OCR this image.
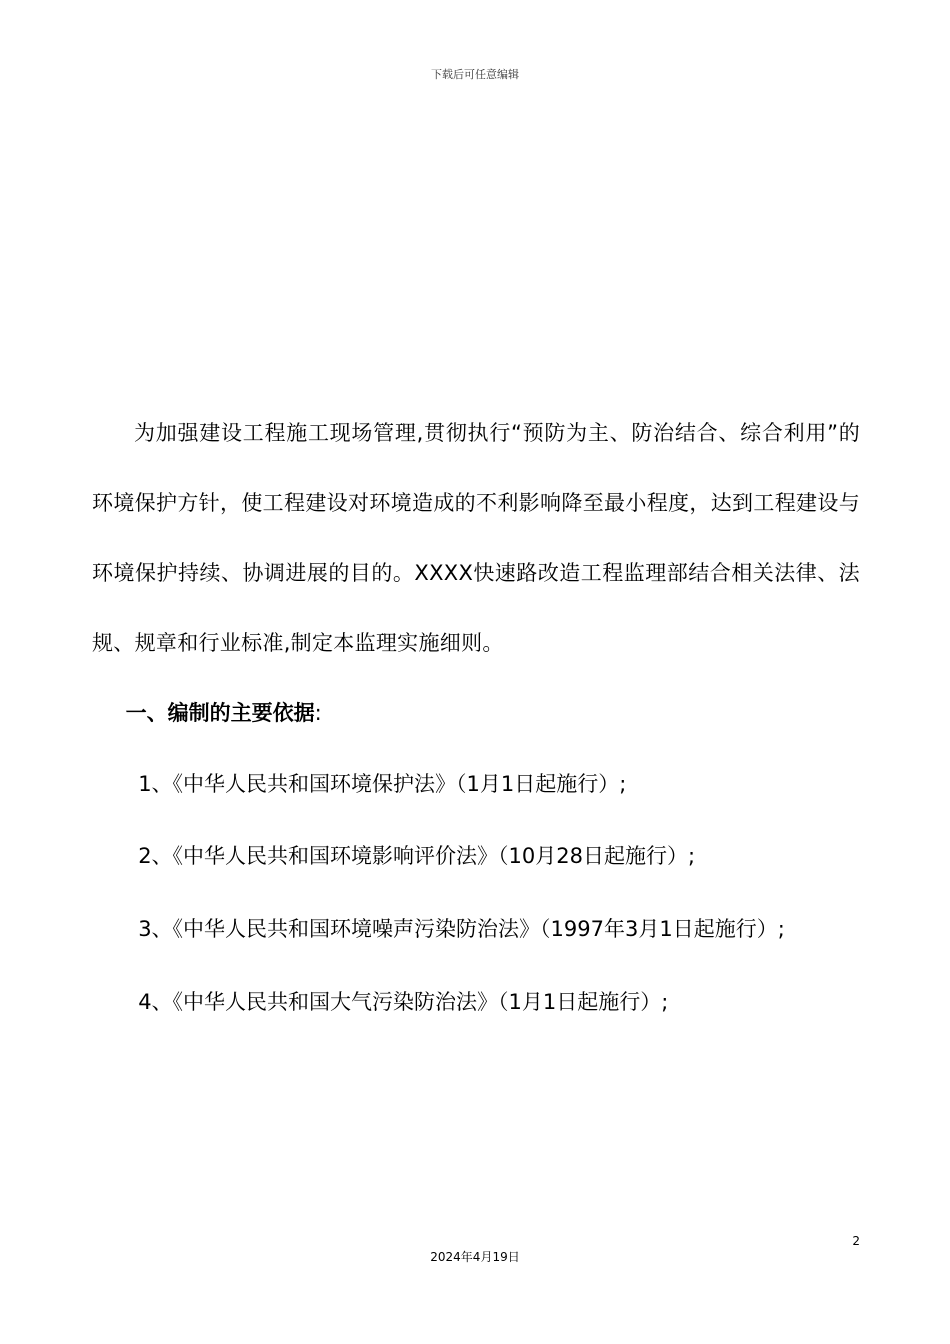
下载后可任意编辑

为加强建设工程施工现场管理,贯彻执行“预防为主、防治结合、综合利用”的环境保护方针，使工程建设对环境造成的不利影响降至最小程度，达到工程建设与环境保护持续、协调进展的目的。XXXX快速路改造工程监理部结合相关法律、法规、规章和行业标准,制定本监理实施细则。

一、编制的主要依据:

1、《中华人民共和国环境保护法》（1月1日起施行）;

2、《中华人民共和国环境影响评价法》（10月28日起施行）;

3、《中华人民共和国环境噪声污染防治法》（1997年3月1日起施行）;

4、《中华人民共和国大气污染防治法》（1月1日起施行）;

2
2024年4月19日
